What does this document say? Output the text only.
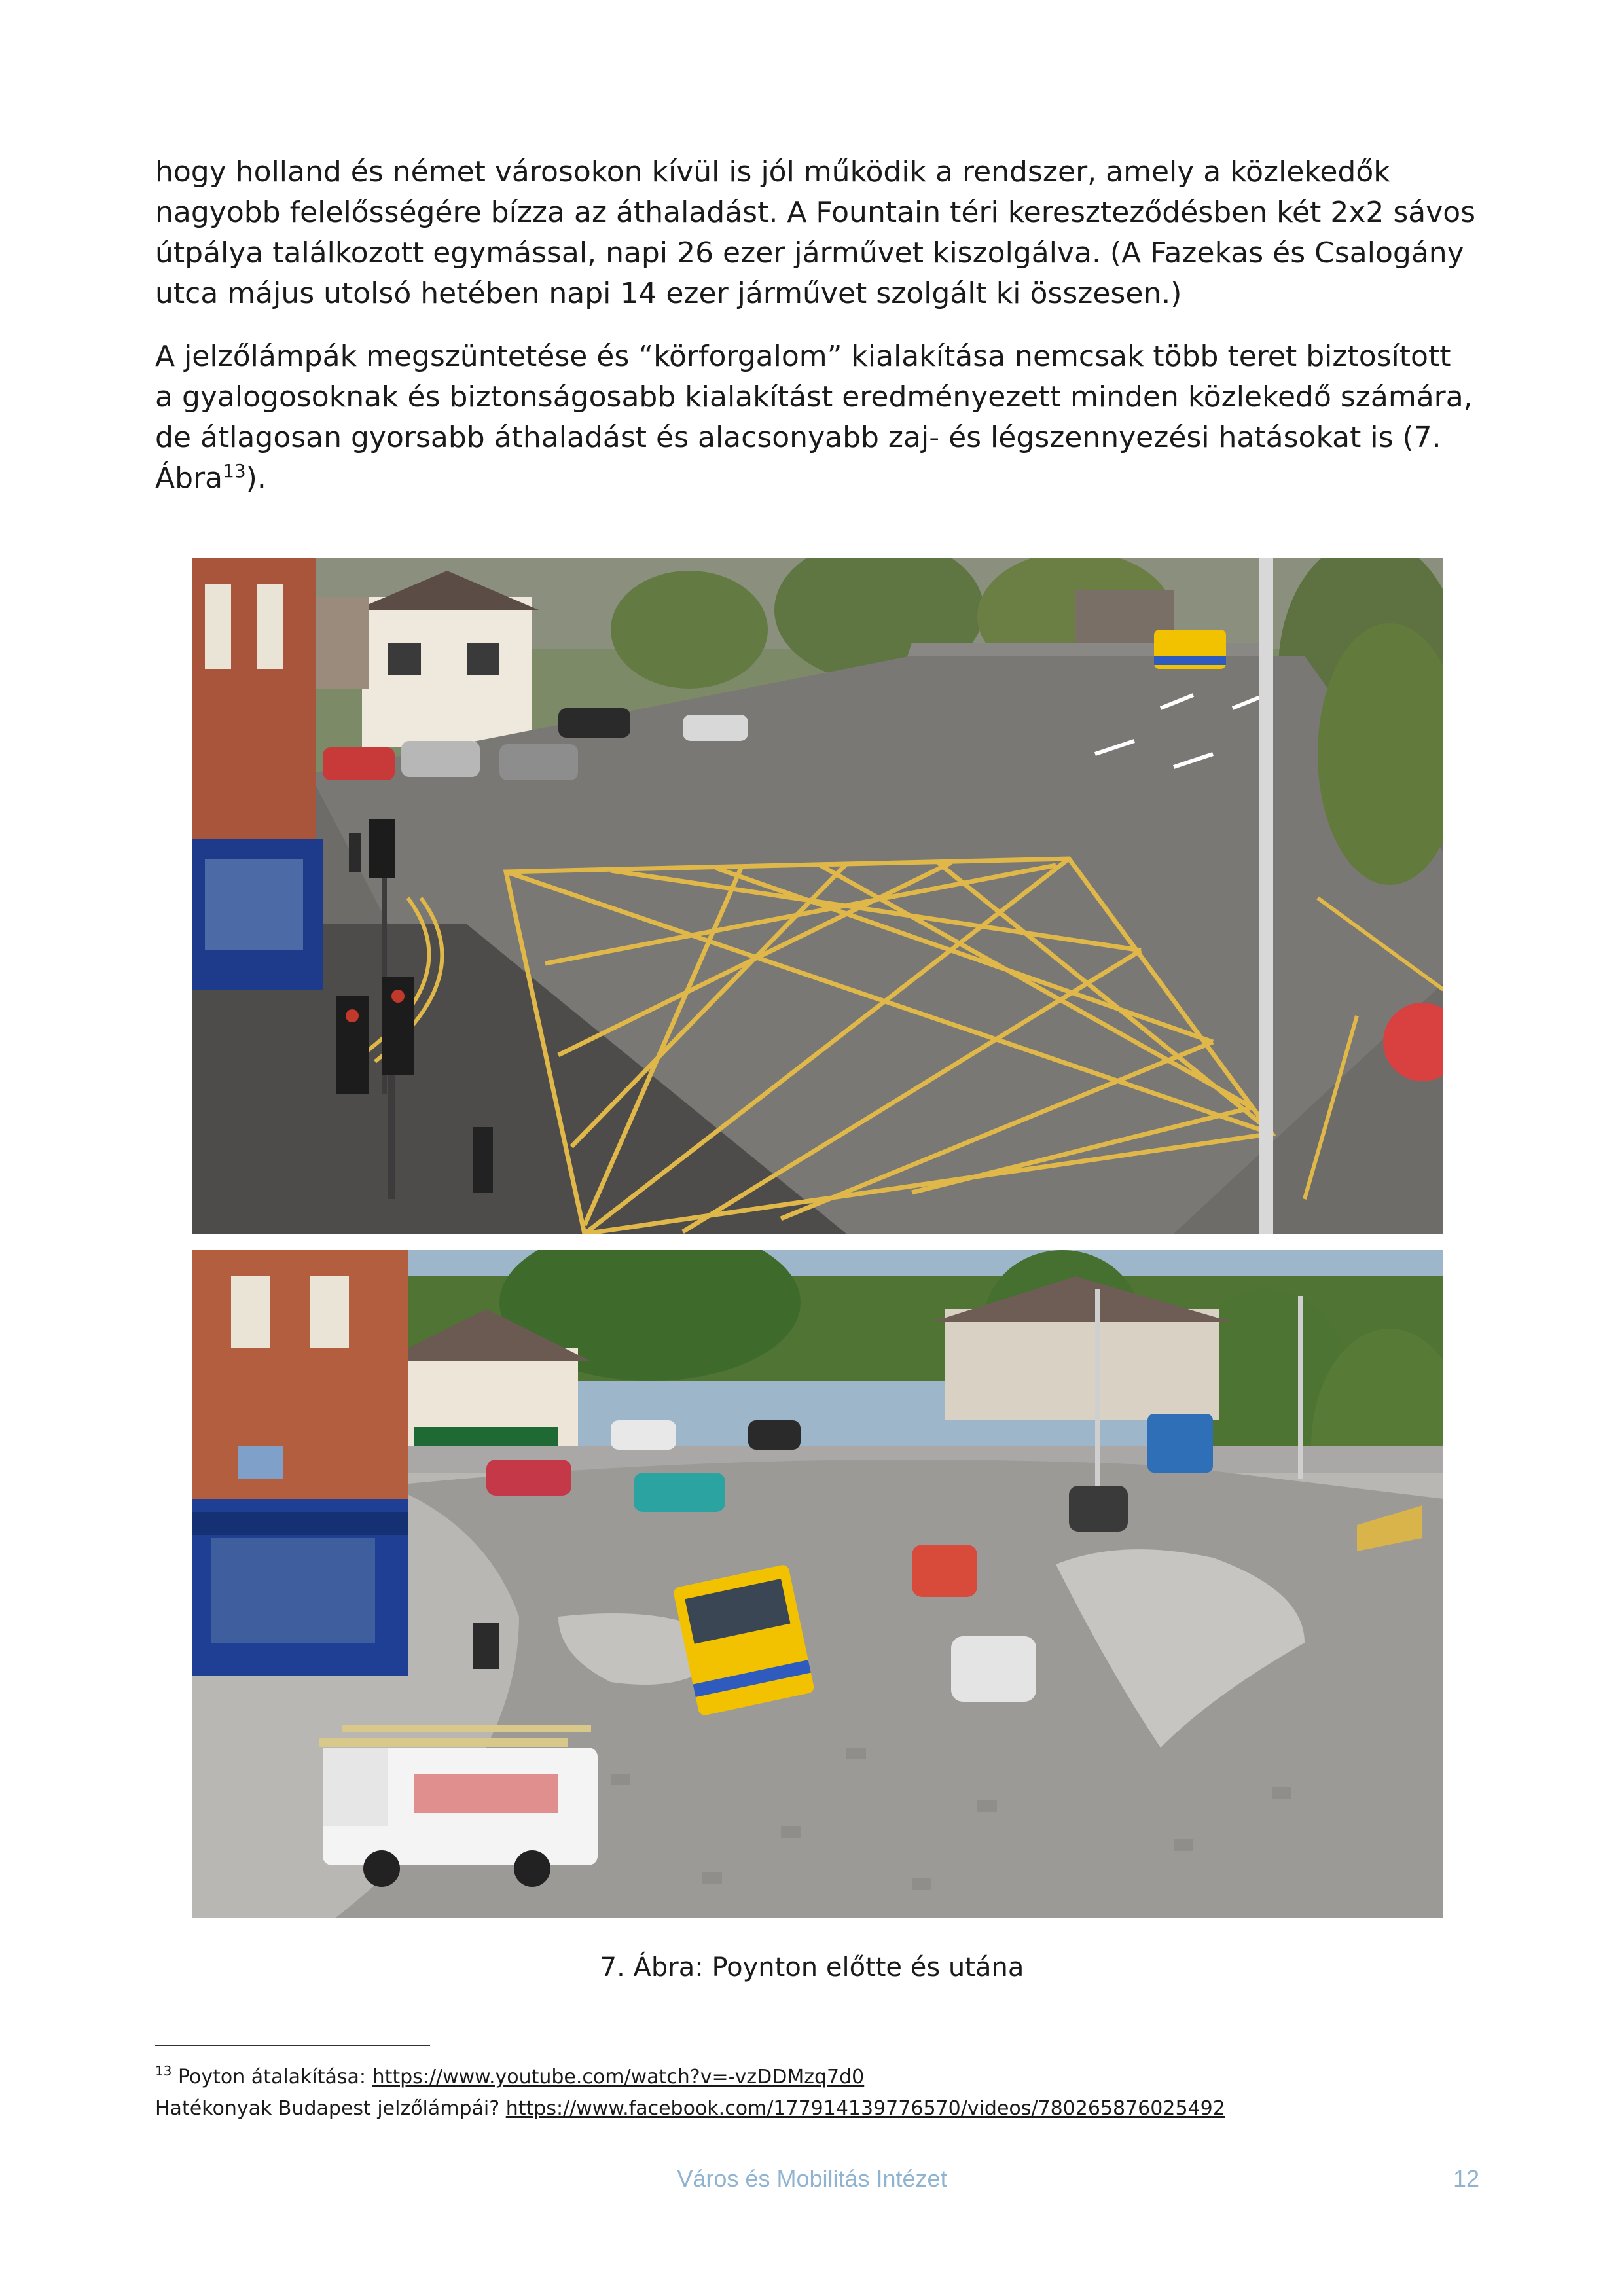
hogy holland és német városokon kívül is jól működik a rendszer, amely a közlekedők nagyobb felelősségére bízza az áthaladást. A Fountain téri kereszteződésben két 2x2 sávos útpálya találkozott egymással, napi 26 ezer járművet kiszolgálva. (A Fazekas és Csalogány utca május utolsó hetében napi 14 ezer járművet szolgált ki összesen.)

A jelzőlámpák megszüntetése és “körforgalom” kialakítása nemcsak több teret biztosított a gyalogosoknak és biztonságosabb kialakítást eredményezett minden közlekedő számára, de átlagosan gyorsabb áthaladást és alacsonyabb zaj- és légszennyezési hatásokat is (7. Ábra$^{13}$).

7. Ábra: Poynton előtte és utána

$^{13}$ Poyton átalakítása: https://www.youtube.com/watch?v=-vzDDMzq7d0

Hatékonyak Budapest jelzőlámpái? https://www.facebook.com/177914139776570/videos/780265876025492

Város és Mobilitás Intézet	12
